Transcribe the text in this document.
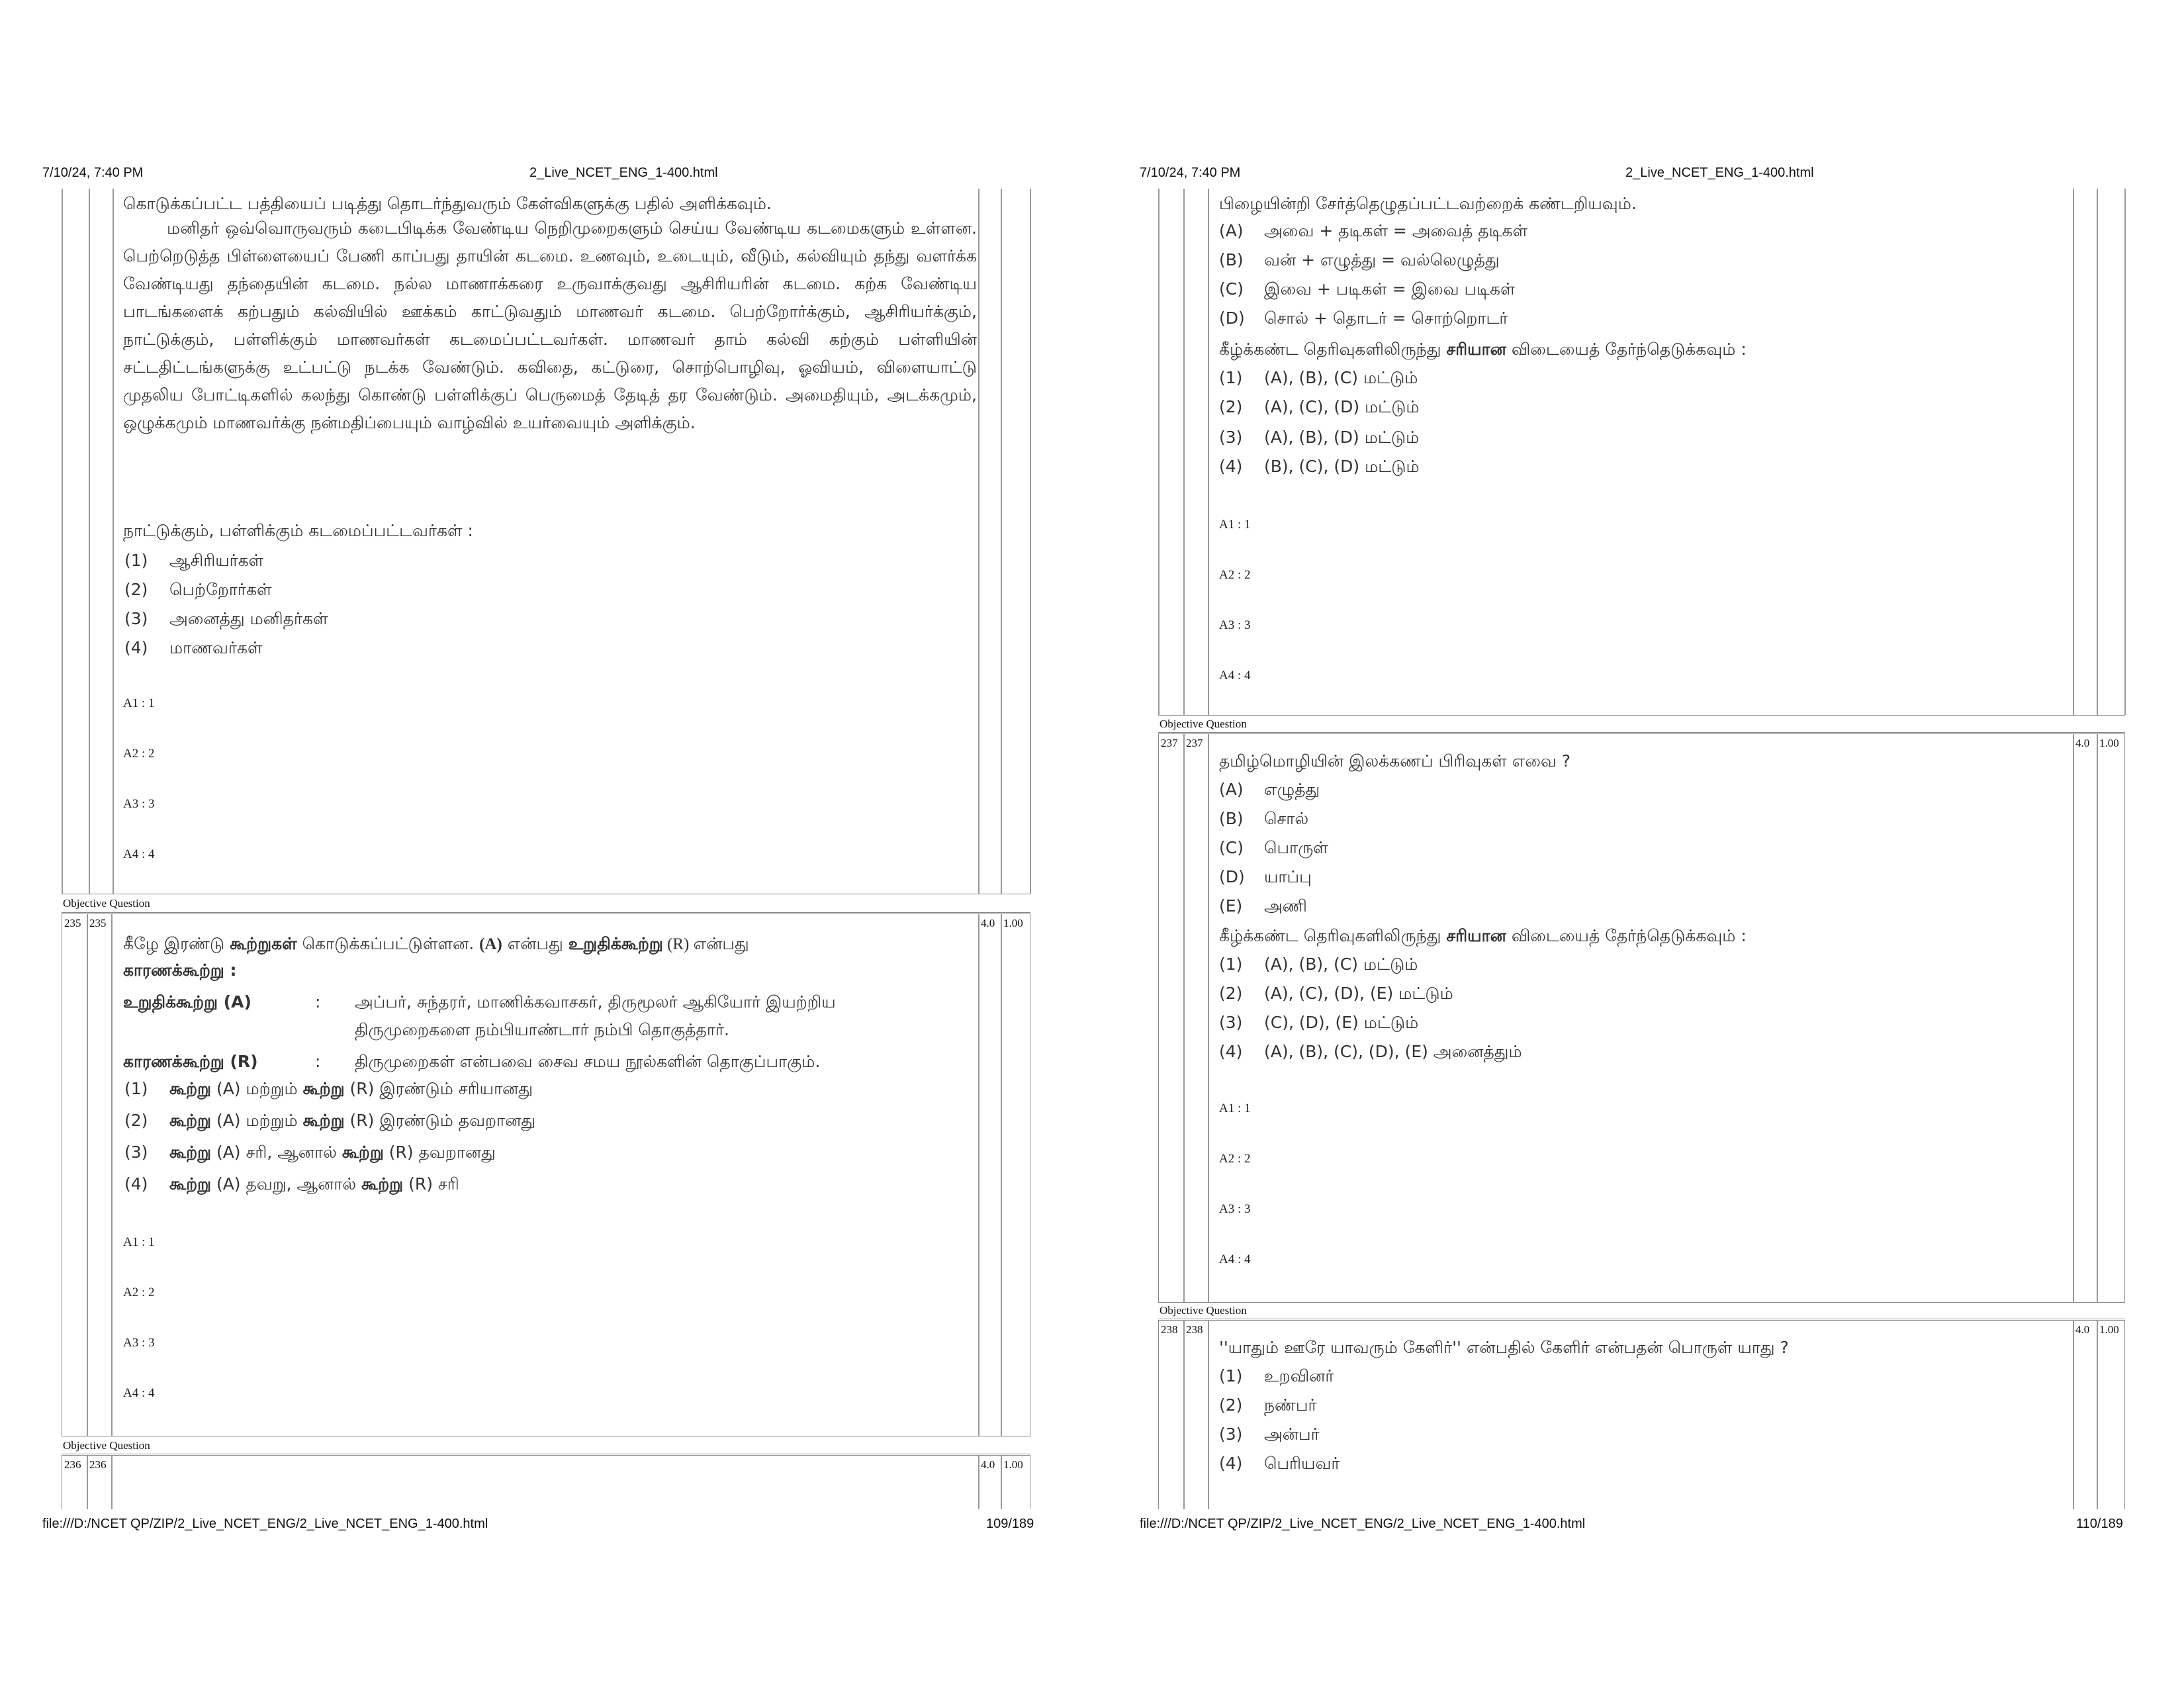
7/10/24, 7:40 PM	2_Live_NCET_ENG_1-400.html
கொடுக்கப்பட்ட பத்தியைப் படித்து தொடர்ந்துவரும் கேள்விகளுக்கு பதில் அளிக்கவும்.

மனிதர் ஒவ்வொருவரும் கடைபிடிக்க வேண்டிய நெறிமுறைகளும் செய்ய வேண்டிய கடமைகளும் உள்ளன. பெற்றெடுத்த பிள்ளையைப் பேணி காப்பது தாயின் கடமை. உணவும், உடையும், வீடும், கல்வியும் தந்து வளர்க்க வேண்டியது தந்தையின் கடமை. நல்ல மாணாக்கரை உருவாக்குவது ஆசிரியரின் கடமை. கற்க வேண்டிய பாடங்களைக் கற்பதும் கல்வியில் ஊக்கம் காட்டுவதும் மாணவர் கடமை. பெற்றோர்க்கும், ஆசிரியர்க்கும், நாட்டுக்கும், பள்ளிக்கும் மாணவர்கள் கடமைப்பட்டவர்கள். மாணவர் தாம் கல்வி கற்கும் பள்ளியின் சட்டதிட்டங்களுக்கு உட்பட்டு நடக்க வேண்டும். கவிதை, கட்டுரை, சொற்பொழிவு, ஓவியம், விளையாட்டு முதலிய போட்டிகளில் கலந்து கொண்டு பள்ளிக்குப் பெருமைத் தேடித் தர வேண்டும். அமைதியும், அடக்கமும், ஒழுக்கமும் மாணவர்க்கு நன்மதிப்பையும் வாழ்வில் உயர்வையும் அளிக்கும்.

நாட்டுக்கும், பள்ளிக்கும் கடமைப்பட்டவர்கள் :
(1) ஆசிரியர்கள்
(2) பெற்றோர்கள்
(3) அனைத்து மனிதர்கள்
(4) மாணவர்கள்
A1 : 1
A2 : 2
A3 : 3
A4 : 4
Objective Question
235 235	4.0 1.00
கீழே இரண்டு கூற்றுகள் கொடுக்கப்பட்டுள்ளன. (A) என்பது உறுதிக்கூற்று (R) என்பது
காரணக்கூற்று :
உறுதிக்கூற்று (A)	: அப்பர், சுந்தரர், மாணிக்கவாசகர், திருமூலர் ஆகியோர் இயற்றிய
திருமுறைகளை நம்பியாண்டார் நம்பி தொகுத்தார்.
காரணக்கூற்று (R)	: திருமுறைகள் என்பவை சைவ சமய நூல்களின் தொகுப்பாகும்.
(1) கூற்று (A) மற்றும் கூற்று (R) இரண்டும் சரியானது
(2) கூற்று (A) மற்றும் கூற்று (R) இரண்டும் தவறானது
(3) கூற்று (A) சரி, ஆனால் கூற்று (R) தவறானது
(4) கூற்று (A) தவறு, ஆனால் கூற்று (R) சரி
A1 : 1
A2 : 2
A3 : 3
A4 : 4
Objective Question
236 236	4.0 1.00
file:///D:/NCET QP/ZIP/2_Live_NCET_ENG/2_Live_NCET_ENG_1-400.html	109/189
7/10/24, 7:40 PM	2_Live_NCET_ENG_1-400.html
பிழையின்றி சேர்த்தெழுதப்பட்டவற்றைக் கண்டறியவும்.
(A) அவை + தடிகள் = அவைத் தடிகள்
(B) வன் + எழுத்து = வல்லெழுத்து
(C) இவை + படிகள் = இவை படிகள்
(D) சொல் + தொடர் = சொற்றொடர்
கீழ்க்கண்ட தெரிவுகளிலிருந்து சரியான விடையைத் தேர்ந்தெடுக்கவும் :
(1) (A), (B), (C) மட்டும்
(2) (A), (C), (D) மட்டும்
(3) (A), (B), (D) மட்டும்
(4) (B), (C), (D) மட்டும்
A1 : 1
A2 : 2
A3 : 3
A4 : 4
Objective Question
237 237	4.0 1.00
தமிழ்மொழியின் இலக்கணப் பிரிவுகள் எவை ?
(A) எழுத்து
(B) சொல்
(C) பொருள்
(D) யாப்பு
(E) அணி
கீழ்க்கண்ட தெரிவுகளிலிருந்து சரியான விடையைத் தேர்ந்தெடுக்கவும் :
(1) (A), (B), (C) மட்டும்
(2) (A), (C), (D), (E) மட்டும்
(3) (C), (D), (E) மட்டும்
(4) (A), (B), (C), (D), (E) அனைத்தும்
A1 : 1
A2 : 2
A3 : 3
A4 : 4
Objective Question
238 238	4.0 1.00
''யாதும் ஊரே யாவரும் கேளிர்'' என்பதில் கேளிர் என்பதன் பொருள் யாது ?
(1) உறவினர்
(2) நண்பர்
(3) அன்பர்
(4) பெரியவர்
file:///D:/NCET QP/ZIP/2_Live_NCET_ENG/2_Live_NCET_ENG_1-400.html	110/189
